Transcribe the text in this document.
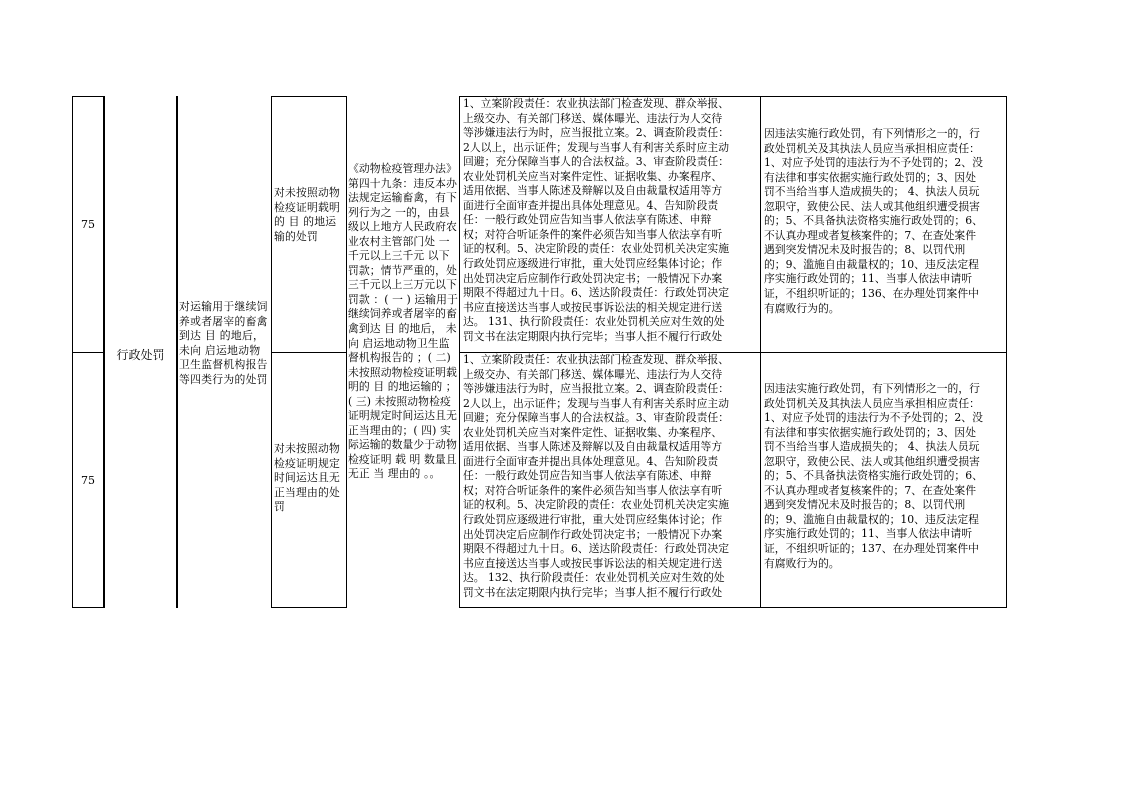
75
对未按照动物检疫证明载明的 目 的地运输的处罚
1、立案阶段责任：农业执法部门检查发现、群众举报、
上级交办、有关部门移送、媒体曝光、违法行为人交待
等涉嫌违法行为时，应当报批立案。2、调查阶段责任：
2人以上，出示证件；发现与当事人有利害关系时应主动
回避；充分保障当事人的合法权益。3、审查阶段责任：
农业处罚机关应当对案件定性、证据收集、办案程序、
适用依据、当事人陈述及辩解以及自由裁量权适用等方
面进行全面审查并提出具体处理意见。4、告知阶段责
任：一般行政处罚应告知当事人依法享有陈述、申辩
权；对符合听证条件的案件必须告知当事人依法享有听
证的权利。5、决定阶段的责任：农业处罚机关决定实施
行政处罚应逐级进行审批，重大处罚应经集体讨论；作
出处罚决定后应制作行政处罚决定书；一般情况下办案
期限不得超过九十日。6、送达阶段责任：行政处罚决定
书应直接送达当事人或按民事诉讼法的相关规定进行送
达。 131、执行阶段责任：农业处罚机关应对生效的处
罚文书在法定期限内执行完毕；当事人拒不履行行政处
因违法实施行政处罚，有下列情形之一的，行
政处罚机关及其执法人员应当承担相应责任：
1、对应予处罚的违法行为不予处罚的；2、没
有法律和事实依据实施行政处罚的；3、因处
罚不当给当事人造成损失的； 4、执法人员玩
忽职守，致使公民、法人或其他组织遭受损害
的；5、不具备执法资格实施行政处罚的；6、
不认真办理或者复核案件的；7、在查处案件
遇到突发情况未及时报告的；8、以罚代刑
的；9、滥施自由裁量权的；10、违反法定程
序实施行政处罚的；11、当事人依法申请听
证，不组织听证的；136、在办理处罚案件中
有腐败行为的。
75
对未按照动物检疫证明规定时间运达且无正当理由的处罚
1、立案阶段责任：农业执法部门检查发现、群众举报、
上级交办、有关部门移送、媒体曝光、违法行为人交待
等涉嫌违法行为时，应当报批立案。2、调查阶段责任：
2人以上，出示证件；发现与当事人有利害关系时应主动
回避；充分保障当事人的合法权益。3、审查阶段责任：
农业处罚机关应当对案件定性、证据收集、办案程序、
适用依据、当事人陈述及辩解以及自由裁量权适用等方
面进行全面审查并提出具体处理意见。4、告知阶段责
任：一般行政处罚应告知当事人依法享有陈述、申辩
权；对符合听证条件的案件必须告知当事人依法享有听
证的权利。5、决定阶段的责任：农业处罚机关决定实施
行政处罚应逐级进行审批，重大处罚应经集体讨论；作
出处罚决定后应制作行政处罚决定书；一般情况下办案
期限不得超过九十日。6、送达阶段责任：行政处罚决定
书应直接送达当事人或按民事诉讼法的相关规定进行送
达。 132、执行阶段责任：农业处罚机关应对生效的处
罚文书在法定期限内执行完毕；当事人拒不履行行政处
因违法实施行政处罚，有下列情形之一的，行
政处罚机关及其执法人员应当承担相应责任：
1、对应予处罚的违法行为不予处罚的；2、没
有法律和事实依据实施行政处罚的；3、因处
罚不当给当事人造成损失的； 4、执法人员玩
忽职守，致使公民、法人或其他组织遭受损害
的；5、不具备执法资格实施行政处罚的；6、
不认真办理或者复核案件的；7、在查处案件
遇到突发情况未及时报告的；8、以罚代刑
的；9、滥施自由裁量权的；10、违反法定程
序实施行政处罚的；11、当事人依法申请听
证，不组织听证的；137、在办理处罚案件中
有腐败行为的。
行政处罚
对运输用于继续饲养或者屠宰的畜禽到达 目 的地后， 未向 启运地动物卫生监督机构报告等四类行为的处罚
《动物检疫管理办法》第四十九条：违反本办法规定运输畜禽，有下列行为之 一的，由县级以上地方人民政府农业农村主管部门处 一 千元以上三千元 以下罚款；情节严重的，处三千元以上三万元以下罚款 ：( 一 ) 运输用于继续饲养或者屠宰的畜禽到达 目 的地后， 未向 启运地动物卫生监督机构报告的 ；( 二) 未按照动物检疫证明载明的 目 的地运输的 ；( 三) 未按照动物检疫证明规定时间运达且无正当理由的；( 四) 实际运输的数量少于动物检疫证明 载 明 数量且无正 当 理由的 。。
